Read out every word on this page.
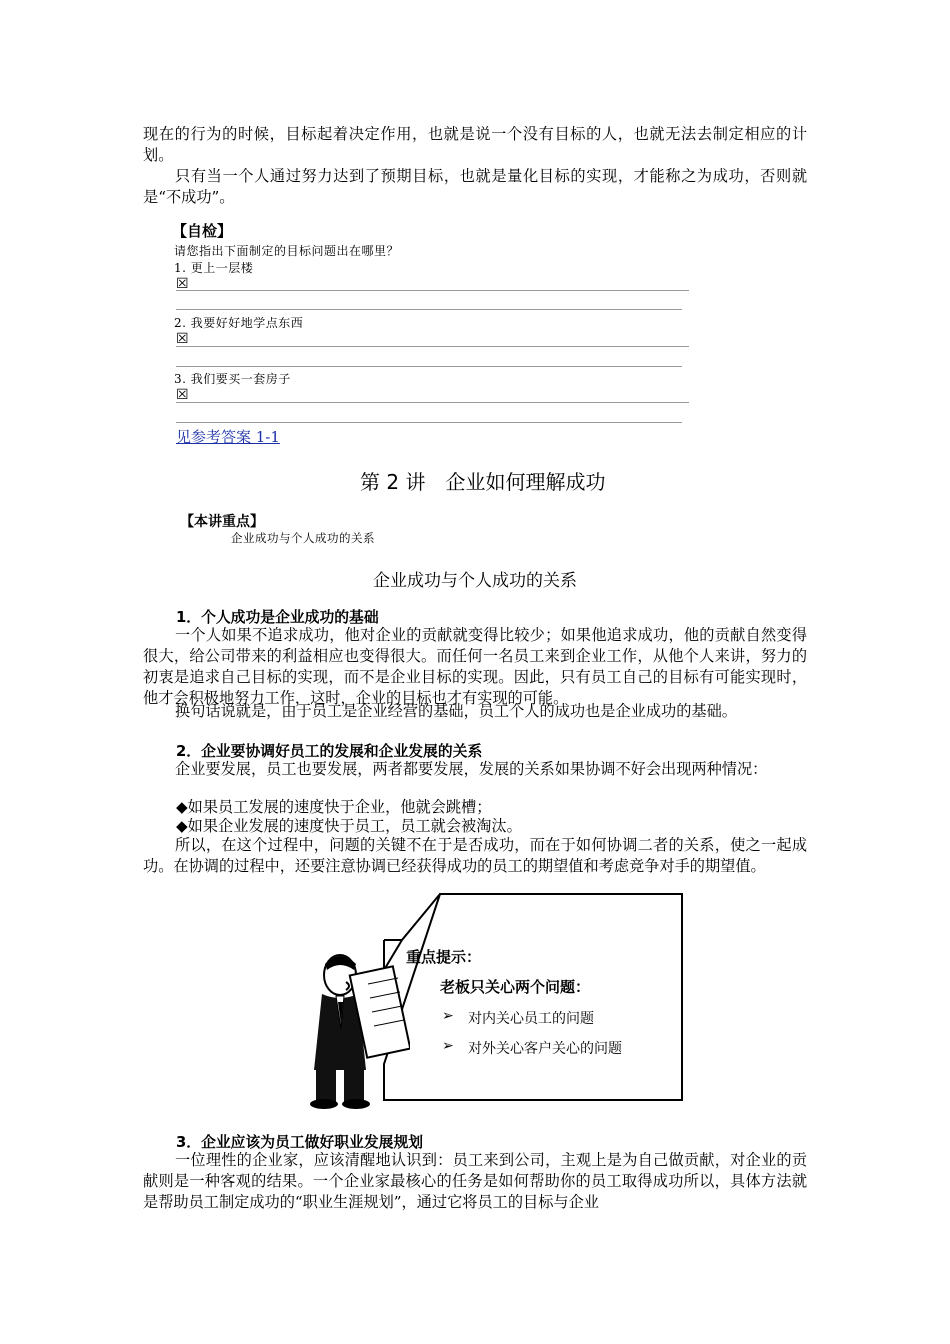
现在的行为的时候，目标起着决定作用，也就是说一个没有目标的人，也就无法去制定相应的计划。

只有当一个人通过努力达到了预期目标，也就是量化目标的实现，才能称之为成功，否则就是“不成功”。

【自检】
请您指出下面制定的目标问题出在哪里？
1. 更上一层楼
☒
2. 我要好好地学点东西
☒
3. 我们要买一套房子
☒
见参考答案 1-1
第 2 讲　企业如何理解成功
【本讲重点】
企业成功与个人成功的关系
企业成功与个人成功的关系
1．个人成功是企业成功的基础

一个人如果不追求成功，他对企业的贡献就变得比较少；如果他追求成功，他的贡献自然变得很大，给公司带来的利益相应也变得很大。而任何一名员工来到企业工作，从他个人来讲，努力的初衷是追求自己目标的实现，而不是企业目标的实现。因此，只有员工自己的目标有可能实现时，他才会积极地努力工作，这时，企业的目标也才有实现的可能。

换句话说就是，由于员工是企业经营的基础，员工个人的成功也是企业成功的基础。

2．企业要协调好员工的发展和企业发展的关系

企业要发展，员工也要发展，两者都要发展，发展的关系如果协调不好会出现两种情况：

◆如果员工发展的速度快于企业，他就会跳槽；

◆如果企业发展的速度快于员工，员工就会被淘汰。

所以，在这个过程中，问题的关键不在于是否成功，而在于如何协调二者的关系，使之一起成功。在协调的过程中，还要注意协调已经获得成功的员工的期望值和考虑竞争对手的期望值。

重点提示：
老板只关心两个问题：
➢ 对内关心员工的问题
➢ 对外关心客户关心的问题
3．企业应该为员工做好职业发展规划

一位理性的企业家，应该清醒地认识到：员工来到公司，主观上是为自己做贡献，对企业的贡献则是一种客观的结果。一个企业家最核心的任务是如何帮助你的员工取得成功所以，具体方法就是帮助员工制定成功的“职业生涯规划”，通过它将员工的目标与企业
